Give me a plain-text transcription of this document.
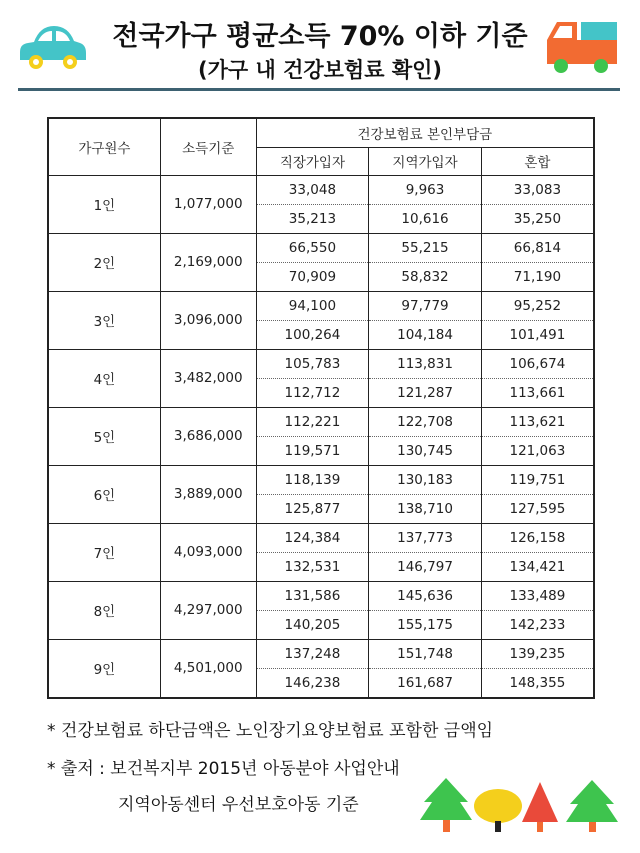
전국가구 평균소득 70% 이하 기준
(가구 내 건강보험료 확인)
가구원수	소득기준	건강보험료 본인부담금		
		직장가입자	지역가입자	혼합
1인	1,077,000	33,048	9,963	33,083
		35,213	10,616	35,250
2인	2,169,000	66,550	55,215	66,814
		70,909	58,832	71,190
3인	3,096,000	94,100	97,779	95,252
		100,264	104,184	101,491
4인	3,482,000	105,783	113,831	106,674
		112,712	121,287	113,661
5인	3,686,000	112,221	122,708	113,621
		119,571	130,745	121,063
6인	3,889,000	118,139	130,183	119,751
		125,877	138,710	127,595
7인	4,093,000	124,384	137,773	126,158
		132,531	146,797	134,421
8인	4,297,000	131,586	145,636	133,489
		140,205	155,175	142,233
9인	4,501,000	137,248	151,748	139,235
		146,238	161,687	148,355
* 건강보험료 하단금액은 노인장기요양보험료 포함한 금액임
* 출저 : 보건복지부 2015년 아동분야 사업안내
지역아동센터 우선보호아동 기준
